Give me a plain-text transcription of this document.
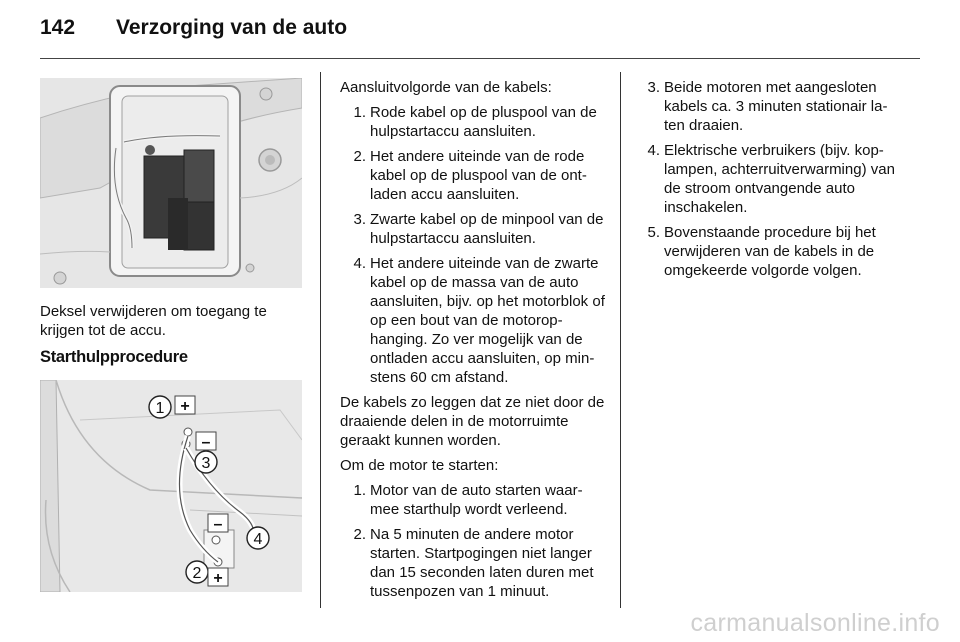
142 Verzorging van de auto
Deksel verwijderen om toegang te krijgen tot de accu.
Starthulpprocedure
1
2
3
4
+
–
–
+

Aansluitvolgorde van de kabels:

1. Rode kabel op de pluspool van de hulpstartaccu aansluiten.
2. Het andere uiteinde van de rode kabel op de pluspool van de ont-laden accu aansluiten.
3. Zwarte kabel op de minpool van de hulpstartaccu aansluiten.
4. Het andere uiteinde van de zwarte kabel op de massa van de auto aansluiten, bijv. op het motorblok of op een bout van de motorop-hanging. Zo ver mogelijk van de ontladen accu aansluiten, op min-stens 60 cm afstand.

De kabels zo leggen dat ze niet door de draaiende delen in de motorruimte geraakt kunnen worden.

Om de motor te starten:

1. Motor van de auto starten waar-mee starthulp wordt verleend.
2. Na 5 minuten de andere motor starten. Startpogingen niet langer dan 15 seconden laten duren met tussenpozen van 1 minuut.
3. Beide motoren met aangesloten kabels ca. 3 minuten stationair la-ten draaien.
4. Elektrische verbruikers (bijv. kop-lampen, achterruitverwarming) van de stroom ontvangende auto inschakelen.
5. Bovenstaande procedure bij het verwijderen van de kabels in de omgekeerde volgorde volgen.
carmanualsonline.info
